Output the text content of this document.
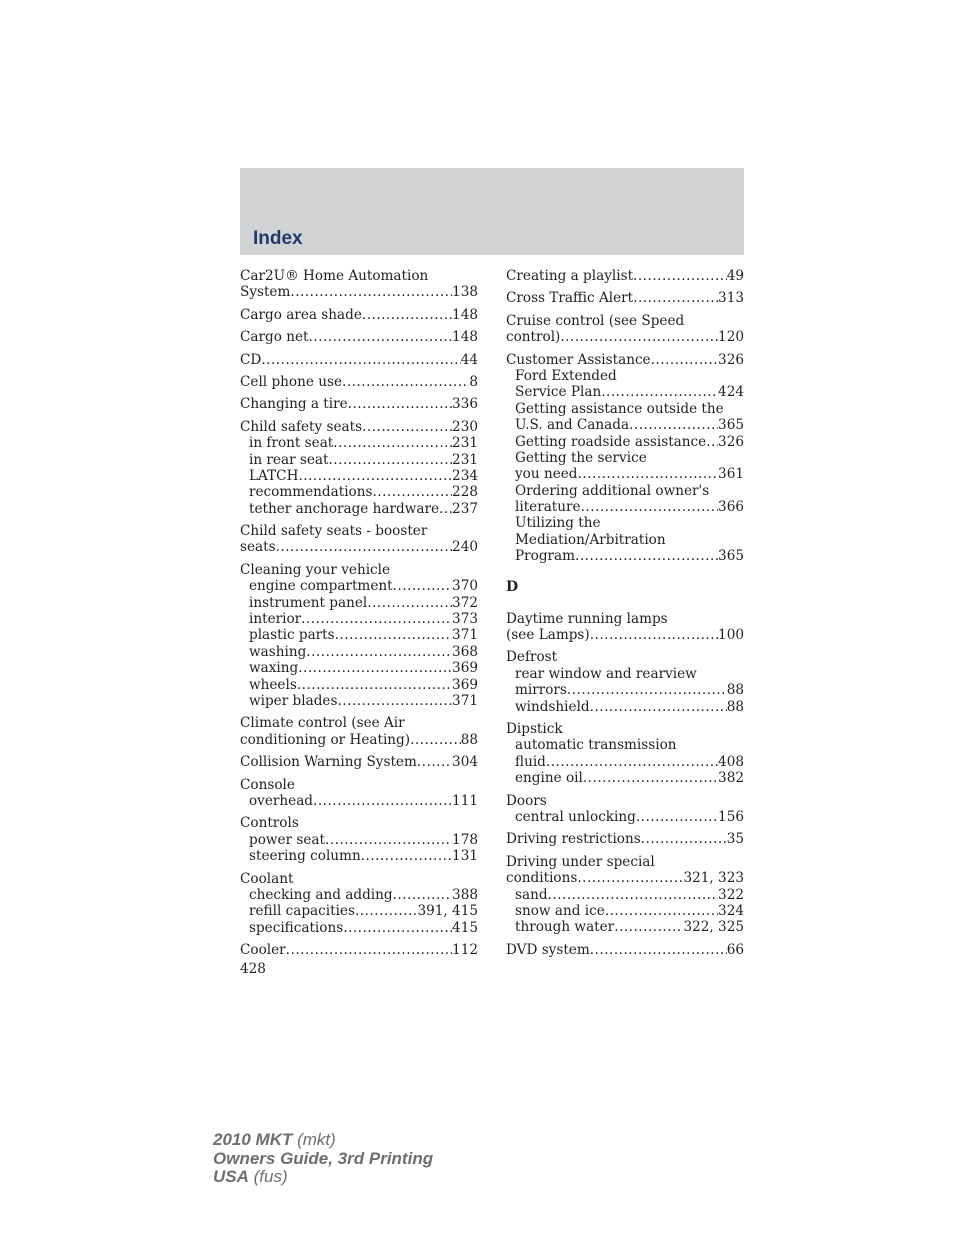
Index
Car2U® Home Automation
System .....	138
Cargo area shade .....	148
Cargo net .....	148
CD .....	44
Cell phone use .....	8
Changing a tire .....	336
Child safety seats .....	230
in front seat .....	231
in rear seat .....	231
LATCH .....	234
recommendations .....	228
tether anchorage hardware ..... 237
Child safety seats - booster
seats .....	240
Cleaning your vehicle
engine compartment .....	370
instrument panel .....	372
interior .....	373
plastic parts .....	371
washing .....	368
waxing .....	369
wheels .....	369
wiper blades .....	371
Climate control (see Air
conditioning or Heating) .....	88
Collision Warning System .....	304
Console
overhead .....	111
Controls
power seat .....	178
steering column .....	131
Coolant
checking and adding .....	388
refill capacities .....	391, 415
specifications .....	415
Cooler .....	112
Creating a playlist .....	49
Cross Traffic Alert .....	313
Cruise control (see Speed
control) .....	120
Customer Assistance .....	326
Ford Extended
Service Plan .....	424
Getting assistance outside the
U.S. and Canada .....	365
Getting roadside assistance ..... 326
Getting the service
you need .....	361
Ordering additional owner's
literature .....	366
Utilizing the
Mediation/Arbitration
Program .....	365
D
Daytime running lamps
(see Lamps) .....	100
Defrost
rear window and rearview
mirrors .....	88
windshield .....	88
Dipstick
automatic transmission
fluid .....	408
engine oil .....	382
Doors
central unlocking .....	156
Driving restrictions .....	35
Driving under special
conditions .....	321, 323
sand .....	322
snow and ice .....	324
through water .....	322, 325
DVD system .....	66
428
2010 MKT (mkt)
Owners Guide, 3rd Printing
USA (fus)
